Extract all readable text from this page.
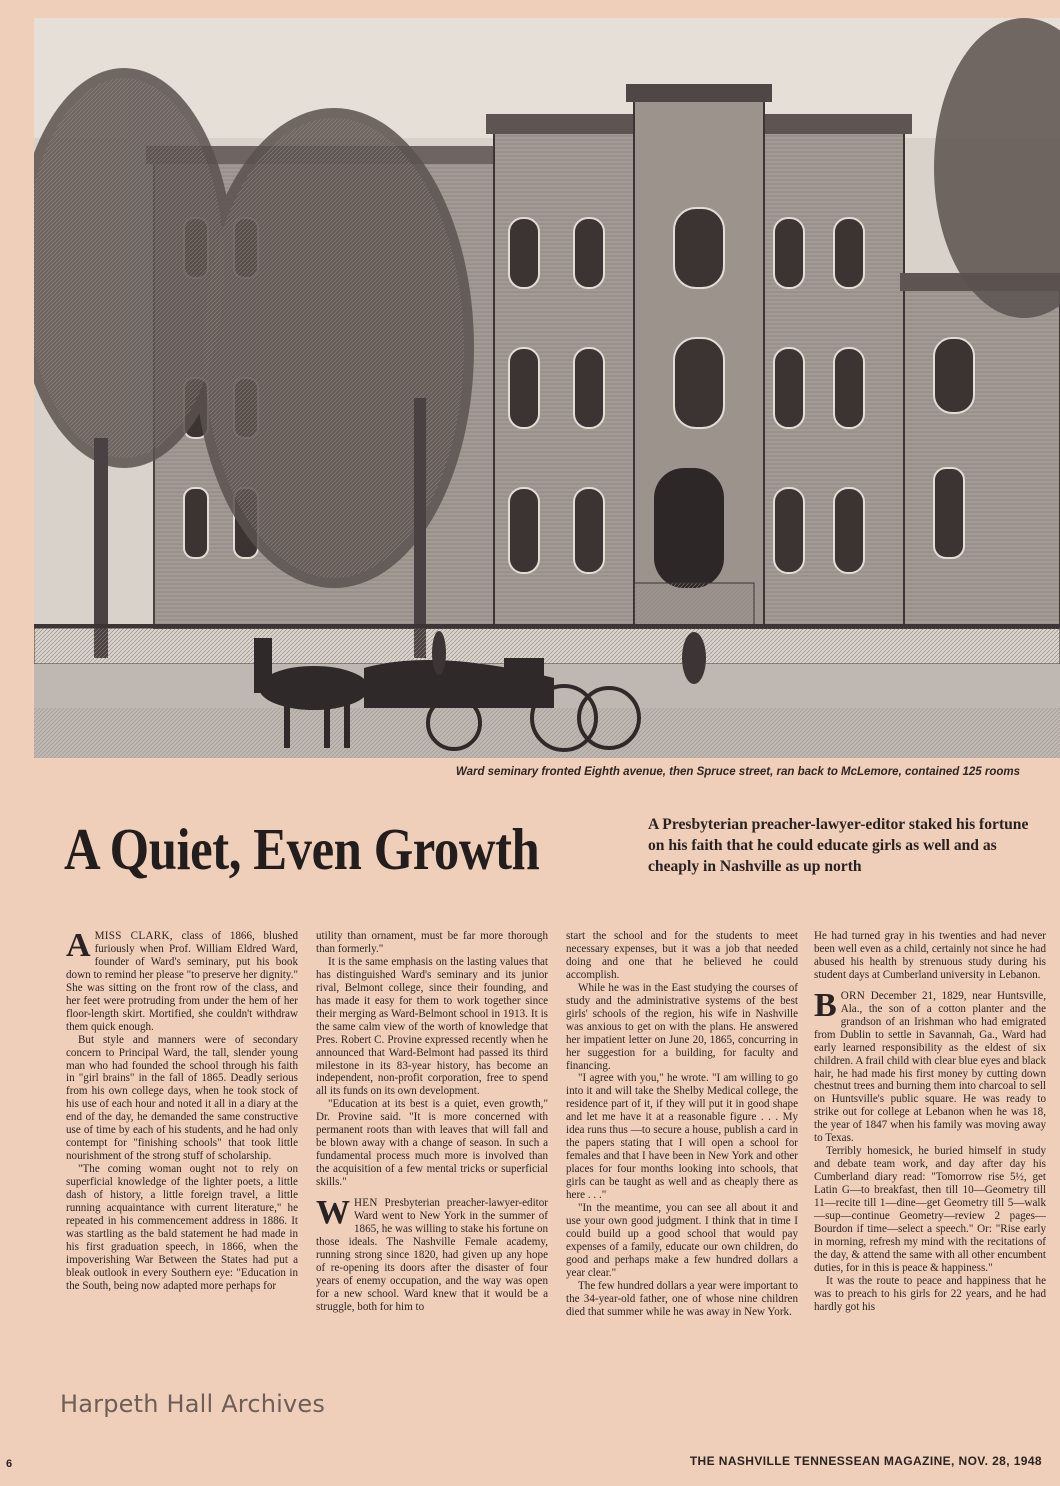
Ward seminary fronted Eighth avenue, then Spruce street, ran back to McLemore, contained 125 rooms
A Quiet, Even Growth	A Presbyterian preacher-lawyer-editor staked his fortune on his faith that he could educate girls as well and as cheaply in Nashville as up north

AMISS CLARK, class of 1866, blushed furiously when Prof. William Eldred Ward, founder of Ward's seminary, put his book down to remind her please "to preserve her dignity." She was sitting on the front row of the class, and her feet were protruding from under the hem of her floor-length skirt. Mortified, she couldn't withdraw them quick enough.

But style and manners were of secondary concern to Principal Ward, the tall, slender young man who had founded the school through his faith in "girl brains" in the fall of 1865. Deadly serious from his own college days, when he took stock of his use of each hour and noted it all in a diary at the end of the day, he demanded the same constructive use of time by each of his students, and he had only contempt for "finishing schools" that took little nourishment of the strong stuff of scholarship.

"The coming woman ought not to rely on superficial knowledge of the lighter poets, a little dash of history, a little foreign travel, a little running acquaintance with current literature," he repeated in his commencement address in 1886. It was startling as the bald statement he had made in his first graduation speech, in 1866, when the impoverishing War Between the States had put a bleak outlook in every Southern eye: "Education in the South, being now adapted more perhaps for

utility than ornament, must be far more thorough than formerly."

It is the same emphasis on the lasting values that has distinguished Ward's seminary and its junior rival, Belmont college, since their founding, and has made it easy for them to work together since their merging as Ward-Belmont school in 1913. It is the same calm view of the worth of knowledge that Pres. Robert C. Provine expressed recently when he announced that Ward-Belmont had passed its third milestone in its 83-year history, has become an independent, non-profit corporation, free to spend all its funds on its own development.

"Education at its best is a quiet, even growth," Dr. Provine said. "It is more concerned with permanent roots than with leaves that will fall and be blown away with a change of season. In such a fundamental process much more is involved than the acquisition of a few mental tricks or superficial skills."

WHEN Presbyterian preacher-lawyer-editor Ward went to New York in the summer of 1865, he was willing to stake his fortune on those ideals. The Nashville Female academy, running strong since 1820, had given up any hope of re-opening its doors after the disaster of four years of enemy occupation, and the way was open for a new school. Ward knew that it would be a struggle, both for him to

start the school and for the students to meet necessary expenses, but it was a job that needed doing and one that he believed he could accomplish.

While he was in the East studying the courses of study and the administrative systems of the best girls' schools of the region, his wife in Nashville was anxious to get on with the plans. He answered her impatient letter on June 20, 1865, concurring in her suggestion for a building, for faculty and financing.

"I agree with you," he wrote. "I am willing to go into it and will take the Shelby Medical college, the residence part of it, if they will put it in good shape and let me have it at a reasonable figure . . . My idea runs thus —to secure a house, publish a card in the papers stating that I will open a school for females and that I have been in New York and other places for four months looking into schools, that girls can be taught as well and as cheaply there as here . . ."

"In the meantime, you can see all about it and use your own good judgment. I think that in time I could build up a good school that would pay expenses of a family, educate our own children, do good and perhaps make a few hundred dollars a year clear."

The few hundred dollars a year were important to the 34-year-old father, one of whose nine children died that summer while he was away in New York.

He had turned gray in his twenties and had never been well even as a child, certainly not since he had abused his health by strenuous study during his student days at Cumberland university in Lebanon.

BORN December 21, 1829, near Huntsville, Ala., the son of a cotton planter and the grandson of an Irishman who had emigrated from Dublin to settle in Savannah, Ga., Ward had early learned responsibility as the eldest of six children. A frail child with clear blue eyes and black hair, he had made his first money by cutting down chestnut trees and burning them into charcoal to sell on Huntsville's public square. He was ready to strike out for college at Lebanon when he was 18, the year of 1847 when his family was moving away to Texas.

Terribly homesick, he buried himself in study and debate team work, and day after day his Cumberland diary read: "Tomorrow rise 5½, get Latin G—to breakfast, then till 10—Geometry till 11—recite till 1—dine—get Geometry till 5—walk—sup—continue Geometry—review 2 pages—Bourdon if time—select a speech." Or: "Rise early in morning, refresh my mind with the recitations of the day, & attend the same with all other encumbent duties, for in this is peace & happiness."

It was the route to peace and happiness that he was to preach to his girls for 22 years, and he had hardly got his

Harpeth Hall Archives
6	THE NASHVILLE TENNESSEAN MAGAZINE, NOV. 28, 1948
